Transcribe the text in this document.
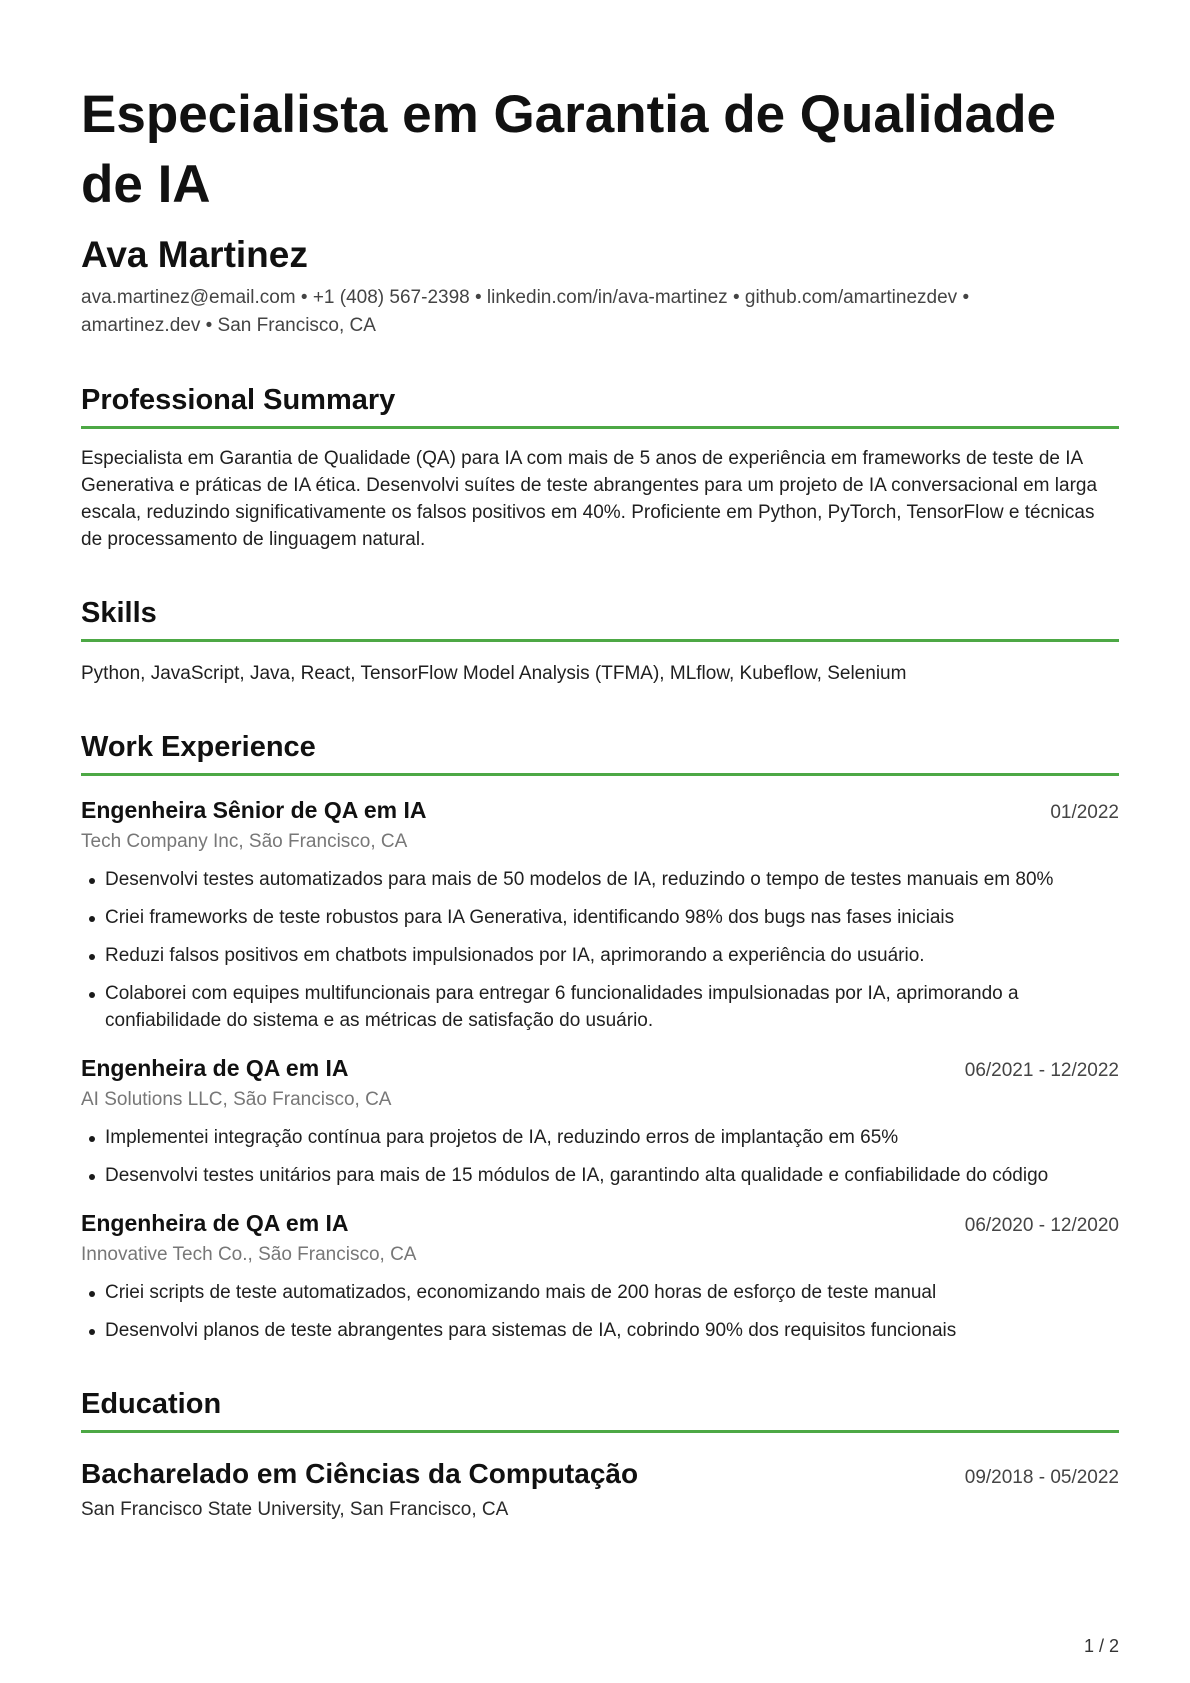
Especialista em Garantia de Qualidade de IA
Ava Martinez
ava.martinez@email.com • +1 (408) 567-2398 • linkedin.com/in/ava-martinez • github.com/amartinezdev •
amartinez.dev • San Francisco, CA
Professional Summary
Especialista em Garantia de Qualidade (QA) para IA com mais de 5 anos de experiência em frameworks de teste de IA Generativa e práticas de IA ética. Desenvolvi suítes de teste abrangentes para um projeto de IA conversacional em larga escala, reduzindo significativamente os falsos positivos em 40%. Proficiente em Python, PyTorch, TensorFlow e técnicas de processamento de linguagem natural.
Skills
Python, JavaScript, Java, React, TensorFlow Model Analysis (TFMA), MLflow, Kubeflow, Selenium
Work Experience
Engenheira Sênior de QA em IA	01/2022
Tech Company Inc, São Francisco, CA
Desenvolvi testes automatizados para mais de 50 modelos de IA, reduzindo o tempo de testes manuais em 80%
Criei frameworks de teste robustos para IA Generativa, identificando 98% dos bugs nas fases iniciais
Reduzi falsos positivos em chatbots impulsionados por IA, aprimorando a experiência do usuário.
Colaborei com equipes multifuncionais para entregar 6 funcionalidades impulsionadas por IA, aprimorando a confiabilidade do sistema e as métricas de satisfação do usuário.
Engenheira de QA em IA	06/2021 - 12/2022
AI Solutions LLC, São Francisco, CA
Implementei integração contínua para projetos de IA, reduzindo erros de implantação em 65%
Desenvolvi testes unitários para mais de 15 módulos de IA, garantindo alta qualidade e confiabilidade do código
Engenheira de QA em IA	06/2020 - 12/2020
Innovative Tech Co., São Francisco, CA
Criei scripts de teste automatizados, economizando mais de 200 horas de esforço de teste manual
Desenvolvi planos de teste abrangentes para sistemas de IA, cobrindo 90% dos requisitos funcionais
Education
Bacharelado em Ciências da Computação	09/2018 - 05/2022
San Francisco State University, San Francisco, CA
1 / 2
